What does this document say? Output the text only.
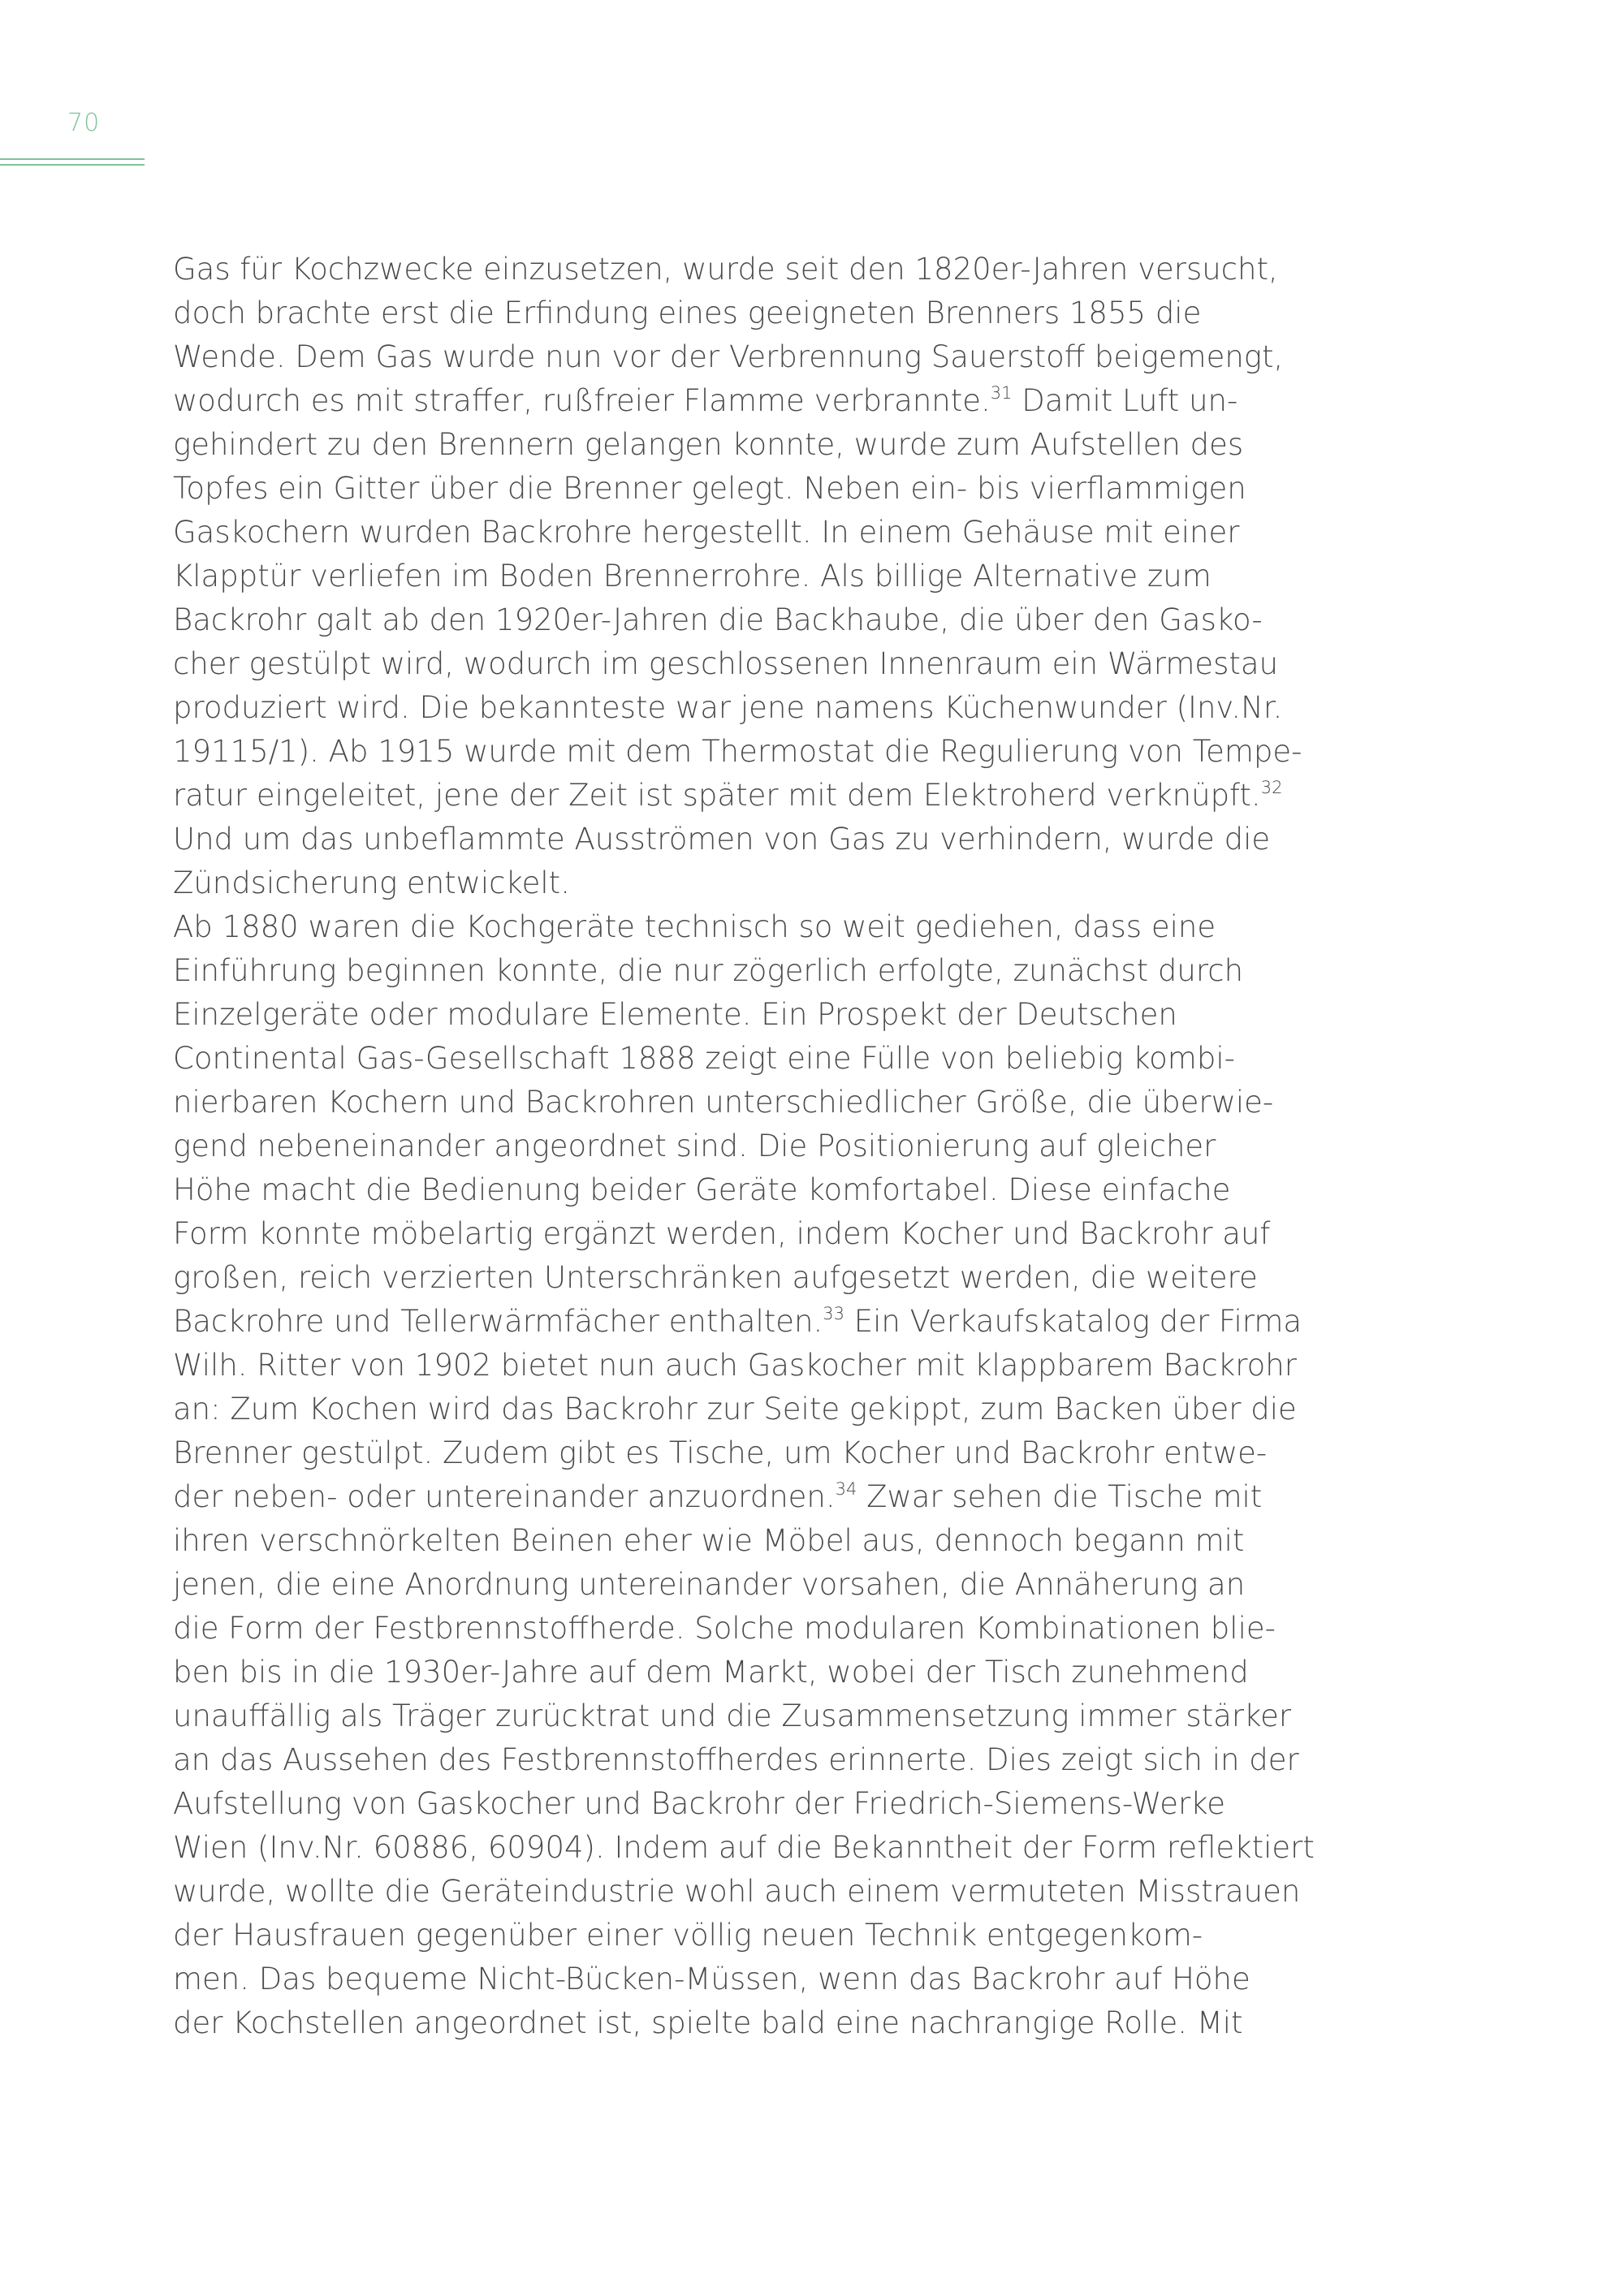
70
Gas für Kochzwecke einzusetzen, wurde seit den 1820er-Jahren versucht,
doch brachte erst die Erfindung eines geeigneten Brenners 1855 die
Wende. Dem Gas wurde nun vor der Verbrennung Sauerstoff beigemengt,
wodurch es mit straffer, rußfreier Flamme verbrannte.$^{31}$ Damit Luft un-
gehindert zu den Brennern gelangen konnte, wurde zum Aufstellen des
Topfes ein Gitter über die Brenner gelegt. Neben ein- bis vierflammigen
Gaskochern wurden Backrohre hergestellt. In einem Gehäuse mit einer
Klapptür verliefen im Boden Brennerrohre. Als billige Alternative zum
Backrohr galt ab den 1920er-Jahren die Backhaube, die über den Gasko-
cher gestülpt wird, wodurch im geschlossenen Innenraum ein Wärmestau
produziert wird. Die bekannteste war jene namens Küchenwunder (Inv.Nr.
19115/1). Ab 1915 wurde mit dem Thermostat die Regulierung von Tempe-
ratur eingeleitet, jene der Zeit ist später mit dem Elektroherd verknüpft.$^{32}$
Und um das unbeflammte Ausströmen von Gas zu verhindern, wurde die
Zündsicherung entwickelt.
Ab 1880 waren die Kochgeräte technisch so weit gediehen, dass eine
Einführung beginnen konnte, die nur zögerlich erfolgte, zunächst durch
Einzelgeräte oder modulare Elemente. Ein Prospekt der Deutschen
Continental Gas-Gesellschaft 1888 zeigt eine Fülle von beliebig kombi-
nierbaren Kochern und Backrohren unterschiedlicher Größe, die überwie-
gend nebeneinander angeordnet sind. Die Positionierung auf gleicher
Höhe macht die Bedienung beider Geräte komfortabel. Diese einfache
Form konnte möbelartig ergänzt werden, indem Kocher und Backrohr auf
großen, reich verzierten Unterschränken aufgesetzt werden, die weitere
Backrohre und Tellerwärmfächer enthalten.$^{33}$ Ein Verkaufskatalog der Firma
Wilh. Ritter von 1902 bietet nun auch Gaskocher mit klappbarem Backrohr
an: Zum Kochen wird das Backrohr zur Seite gekippt, zum Backen über die
Brenner gestülpt. Zudem gibt es Tische, um Kocher und Backrohr entwe-
der neben- oder untereinander anzuordnen.$^{34}$ Zwar sehen die Tische mit
ihren verschnörkelten Beinen eher wie Möbel aus, dennoch begann mit
jenen, die eine Anordnung untereinander vorsahen, die Annäherung an
die Form der Festbrennstoffherde. Solche modularen Kombinationen blie-
ben bis in die 1930er-Jahre auf dem Markt, wobei der Tisch zunehmend
unauffällig als Träger zurücktrat und die Zusammensetzung immer stärker
an das Aussehen des Festbrennstoffherdes erinnerte. Dies zeigt sich in der
Aufstellung von Gaskocher und Backrohr der Friedrich-Siemens-Werke
Wien (Inv.Nr. 60886, 60904). Indem auf die Bekanntheit der Form reflektiert
wurde, wollte die Geräteindustrie wohl auch einem vermuteten Misstrauen
der Hausfrauen gegenüber einer völlig neuen Technik entgegenkom-
men. Das bequeme Nicht-Bücken-Müssen, wenn das Backrohr auf Höhe
der Kochstellen angeordnet ist, spielte bald eine nachrangige Rolle. Mit
